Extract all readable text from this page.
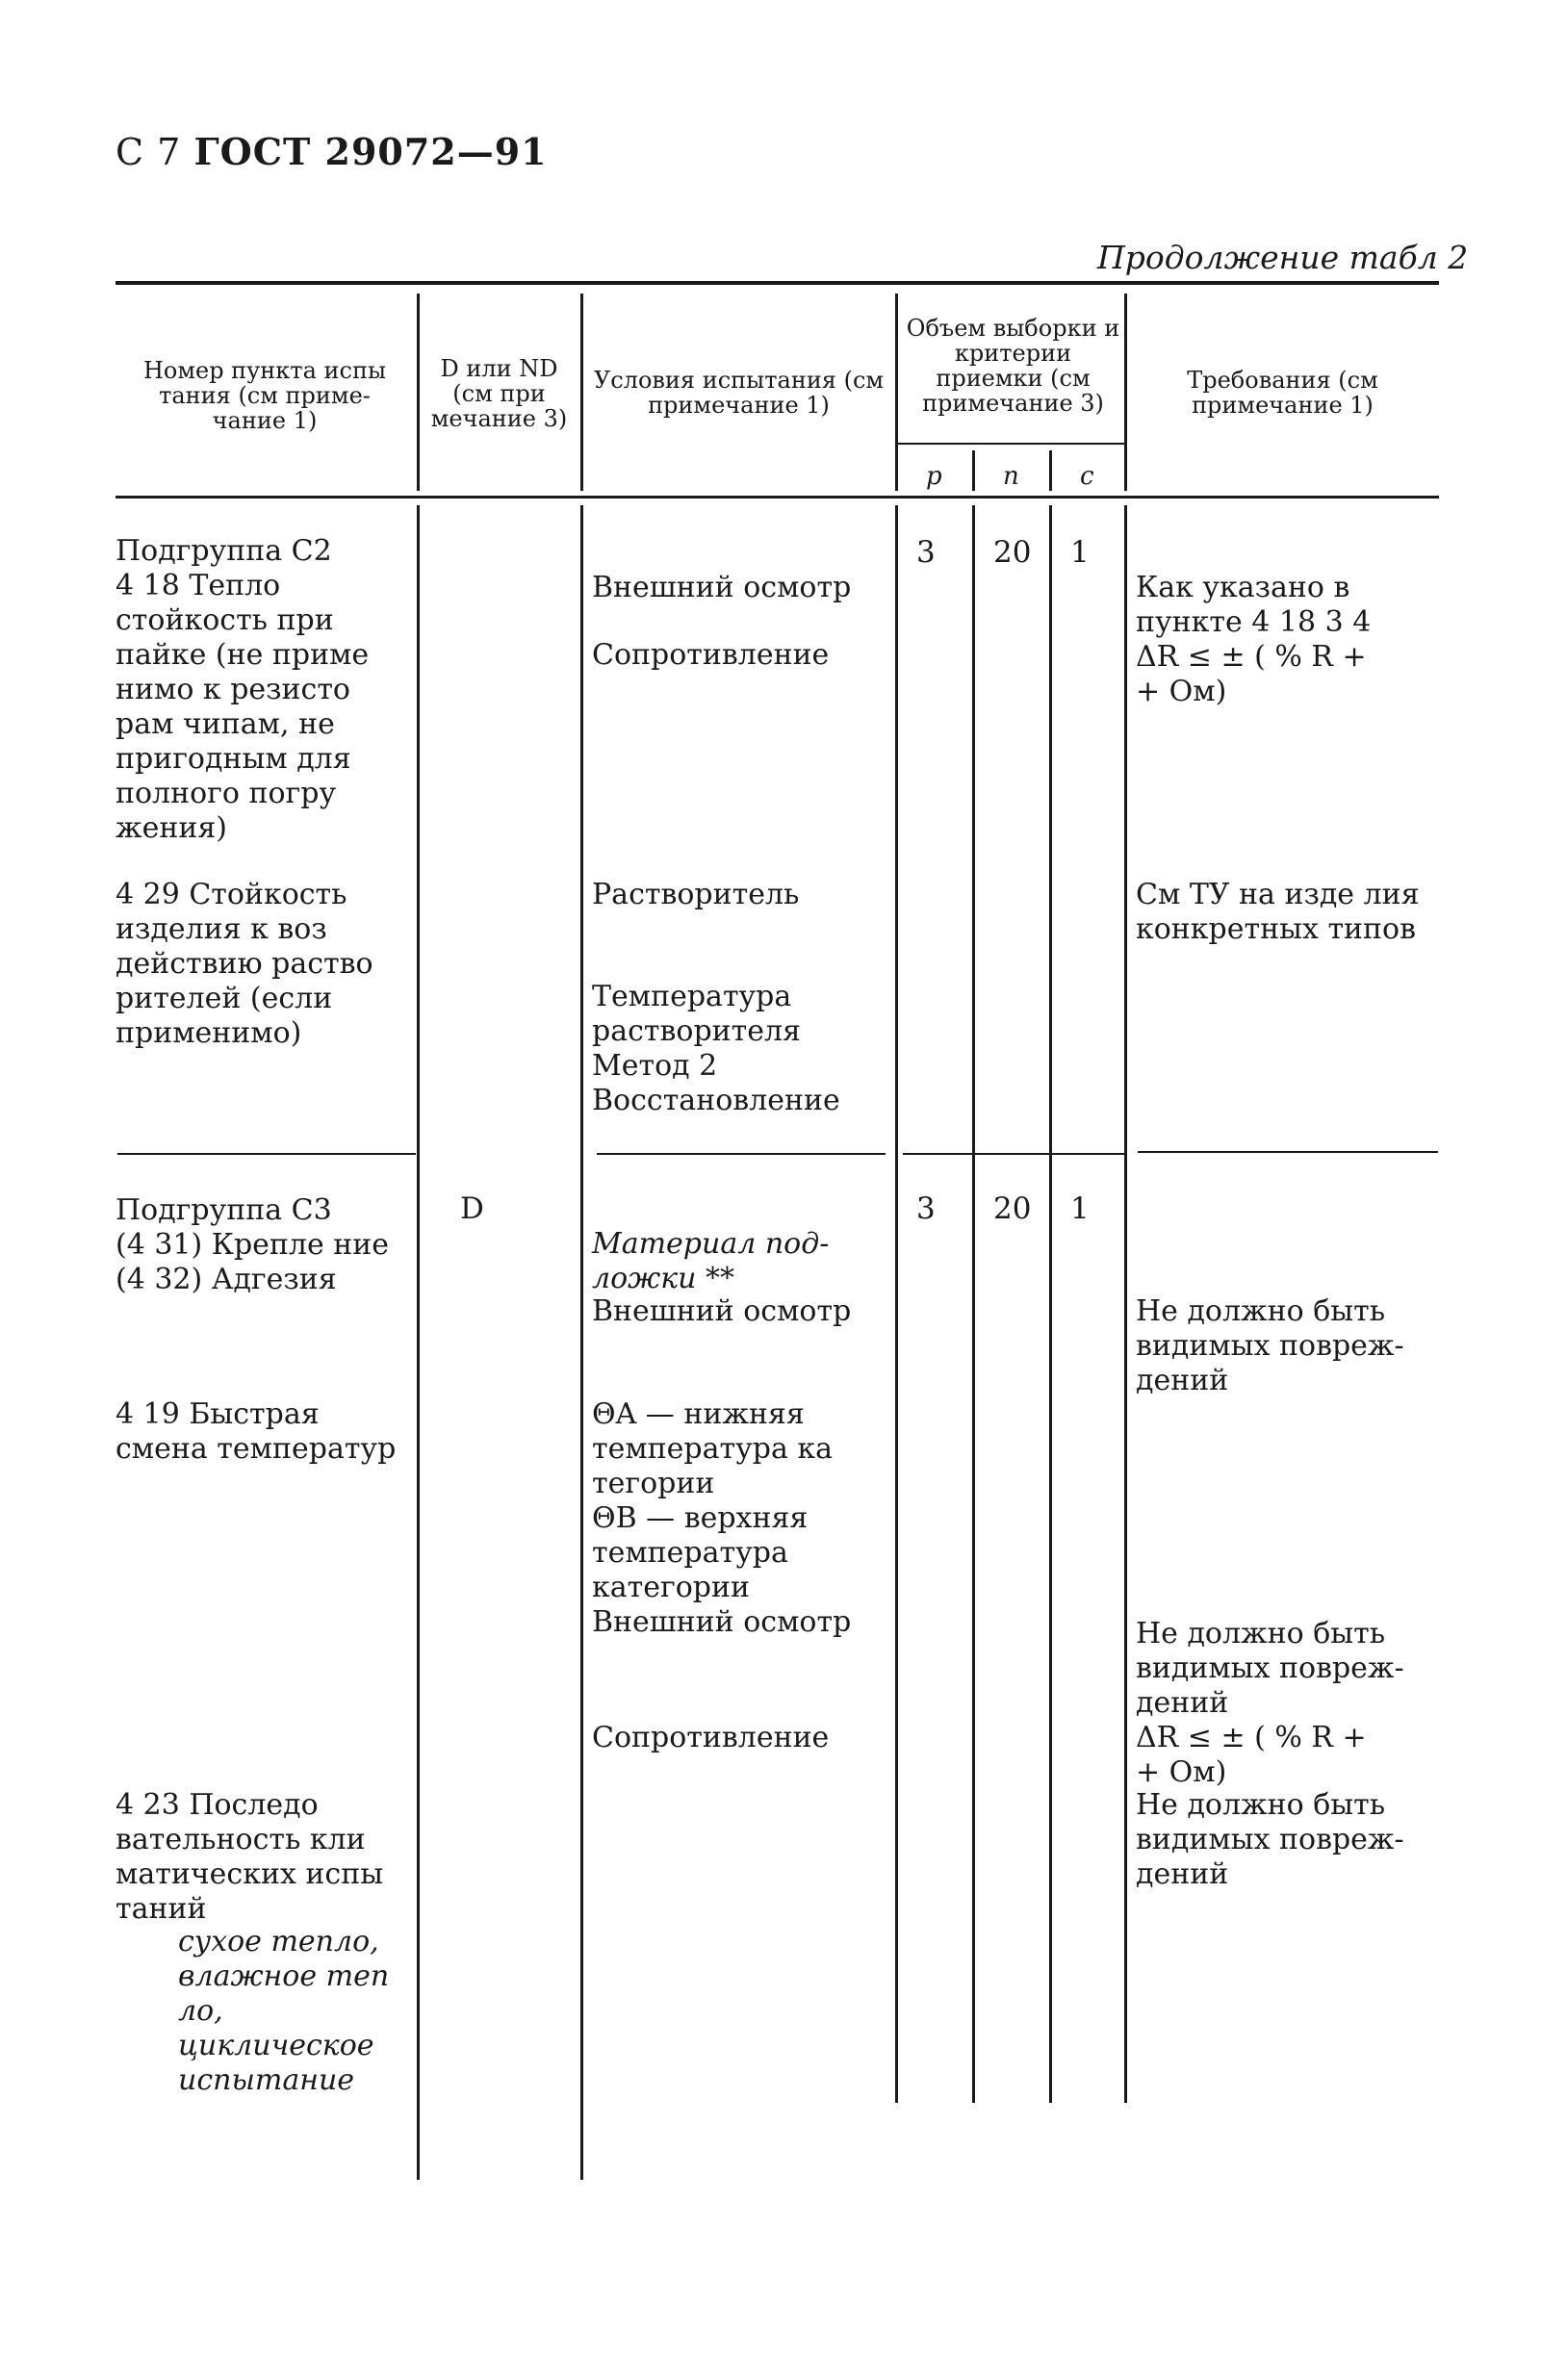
С 7 ГОСТ 29072—91
Продолжение табл 2
Номер пункта испы тания (см приме- чание 1)
D или ND (см при мечание 3)
Условия испытания (см примечание 1)
Объем выборки и критерии приемки (см примечание 3)
Требования (см примечание 1)
p n c
Подгруппа С2
4 18 Тепло стойкость при пайке (не приме нимо к резисто рам чипам, не пригодным для полного погру жения)
4 29 Стойкость изделия к воз действию раство рителей (если применимо)
3 20 1
Внешний осмотр
Сопротивление
Растворитель
Температура растворителя
Метод 2
Восстановление
Как указано в пункте 4 18 3 4
ΔR ≤ ± ( % R +
+ Ом)
См ТУ на изде лия конкретных типов
Подгруппа С3
(4 31) Крепле ние
(4 32) Адгезия
4 19 Быстрая смена температур
4 23 Последо вательность кли матических испы таний
сухое тепло,
влажное теп ло,
циклическое испытание
D	3 20 1
Материал под- ложки **
Внешний осмотр
ΘA — нижняя температура ка тегории
ΘB — верхняя температура категории
Внешний осмотр
Сопротивление
Не должно быть видимых повреж- дений
Не должно быть видимых повреж- дений
ΔR ≤ ± ( % R +
+ Ом)
Не должно быть видимых повреж- дений
